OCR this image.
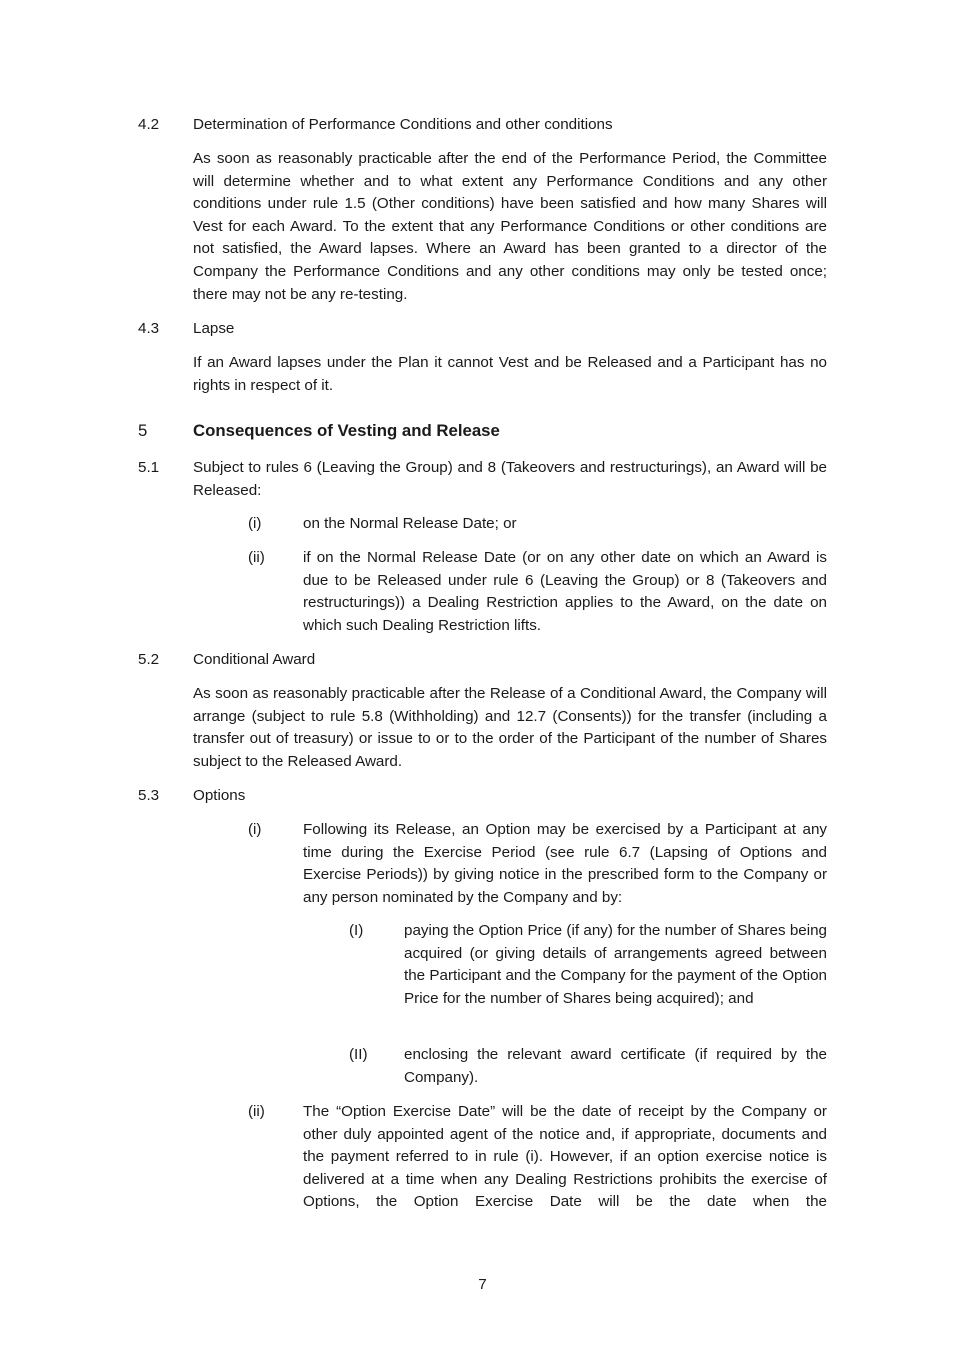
4.2 Determination of Performance Conditions and other conditions

As soon as reasonably practicable after the end of the Performance Period, the Committee will determine whether and to what extent any Performance Conditions and any other conditions under rule 1.5 (Other conditions) have been satisfied and how many Shares will Vest for each Award. To the extent that any Performance Conditions or other conditions are not satisfied, the Award lapses. Where an Award has been granted to a director of the Company the Performance Conditions and any other conditions may only be tested once; there may not be any re-testing.

4.3 Lapse

If an Award lapses under the Plan it cannot Vest and be Released and a Participant has no rights in respect of it.

5	Consequences of Vesting and Release
5.1 Subject to rules 6 (Leaving the Group) and 8 (Takeovers and restructurings), an Award will be Released:

(i)	on the Normal Release Date; or

(ii)	if on the Normal Release Date (or on any other date on which an Award is due to be Released under rule 6 (Leaving the Group) or 8 (Takeovers and restructurings)) a Dealing Restriction applies to the Award, on the date on which such Dealing Restriction lifts.

5.2 Conditional Award

As soon as reasonably practicable after the Release of a Conditional Award, the Company will arrange (subject to rule 5.8 (Withholding) and 12.7 (Consents)) for the transfer (including a transfer out of treasury) or issue to or to the order of the Participant of the number of Shares subject to the Released Award.

5.3 Options
(i)	Following its Release, an Option may be exercised by a Participant at any time during the Exercise Period (see rule 6.7 (Lapsing of Options and Exercise Periods)) by giving notice in the prescribed form to the Company or any person nominated by the Company and by:

(I)	paying the Option Price (if any) for the number of Shares being acquired (or giving details of arrangements agreed between the Participant and the Company for the payment of the Option Price for the number of Shares being acquired); and

(II) enclosing the relevant award certificate (if required by the Company).

(ii)	The “Option Exercise Date” will be the date of receipt by the Company or other duly appointed agent of the notice and, if appropriate, documents and the payment referred to in rule (i). However, if an option exercise notice is delivered at a time when any Dealing Restrictions prohibits the exercise of Options, the Option Exercise Date will be the date when the

7
